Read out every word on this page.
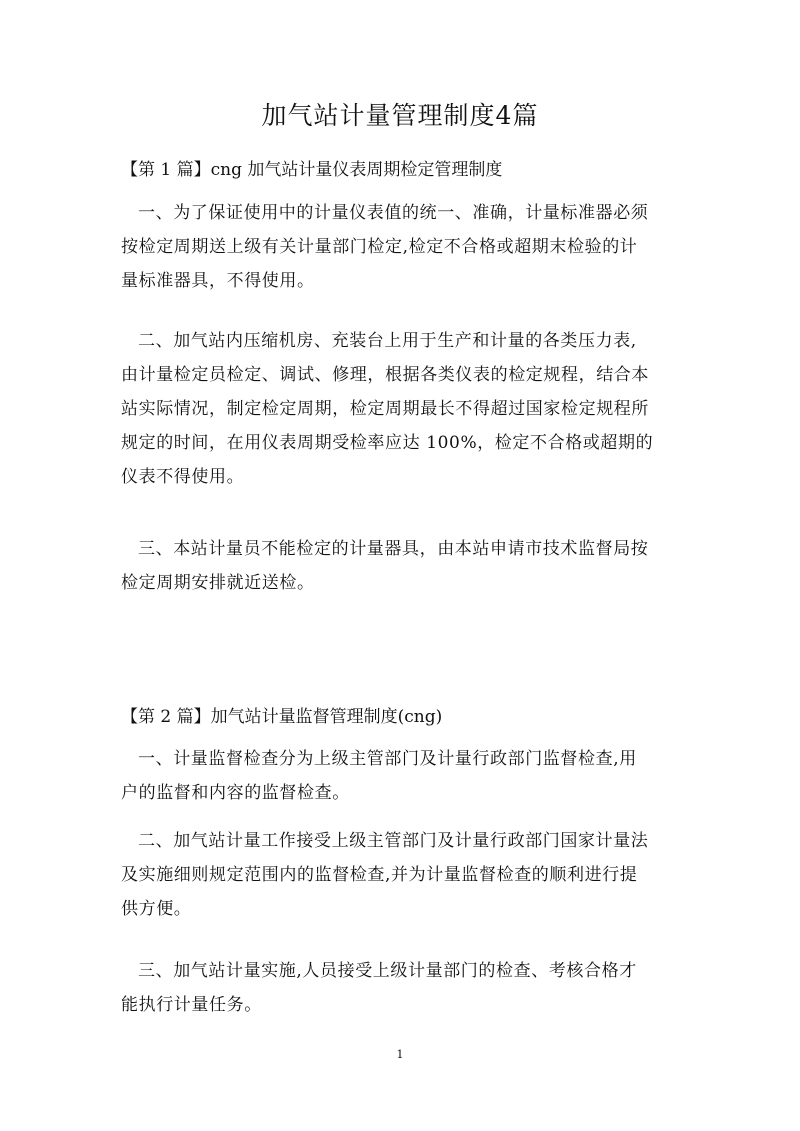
加气站计量管理制度4篇
【第 1 篇】cng 加气站计量仪表周期检定管理制度

一、为了保证使用中的计量仪表值的统一、准确，计量标准器必须
按检定周期送上级有关计量部门检定,检定不合格或超期末检验的计
量标准器具，不得使用。

二、加气站内压缩机房、充装台上用于生产和计量的各类压力表,
由计量检定员检定、调试、修理，根据各类仪表的检定规程，结合本
站实际情况，制定检定周期，检定周期最长不得超过国家检定规程所
规定的时间，在用仪表周期受检率应达 100%，检定不合格或超期的
仪表不得使用。

三、本站计量员不能检定的计量器具，由本站申请市技术监督局按
检定周期安排就近送检。

【第 2 篇】加气站计量监督管理制度(cng)

一、计量监督检查分为上级主管部门及计量行政部门监督检查,用
户的监督和内容的监督检查。

二、加气站计量工作接受上级主管部门及计量行政部门国家计量法
及实施细则规定范围内的监督检查,并为计量监督检查的顺利进行提
供方便。

三、加气站计量实施,人员接受上级计量部门的检查、考核合格才
能执行计量任务。

1
